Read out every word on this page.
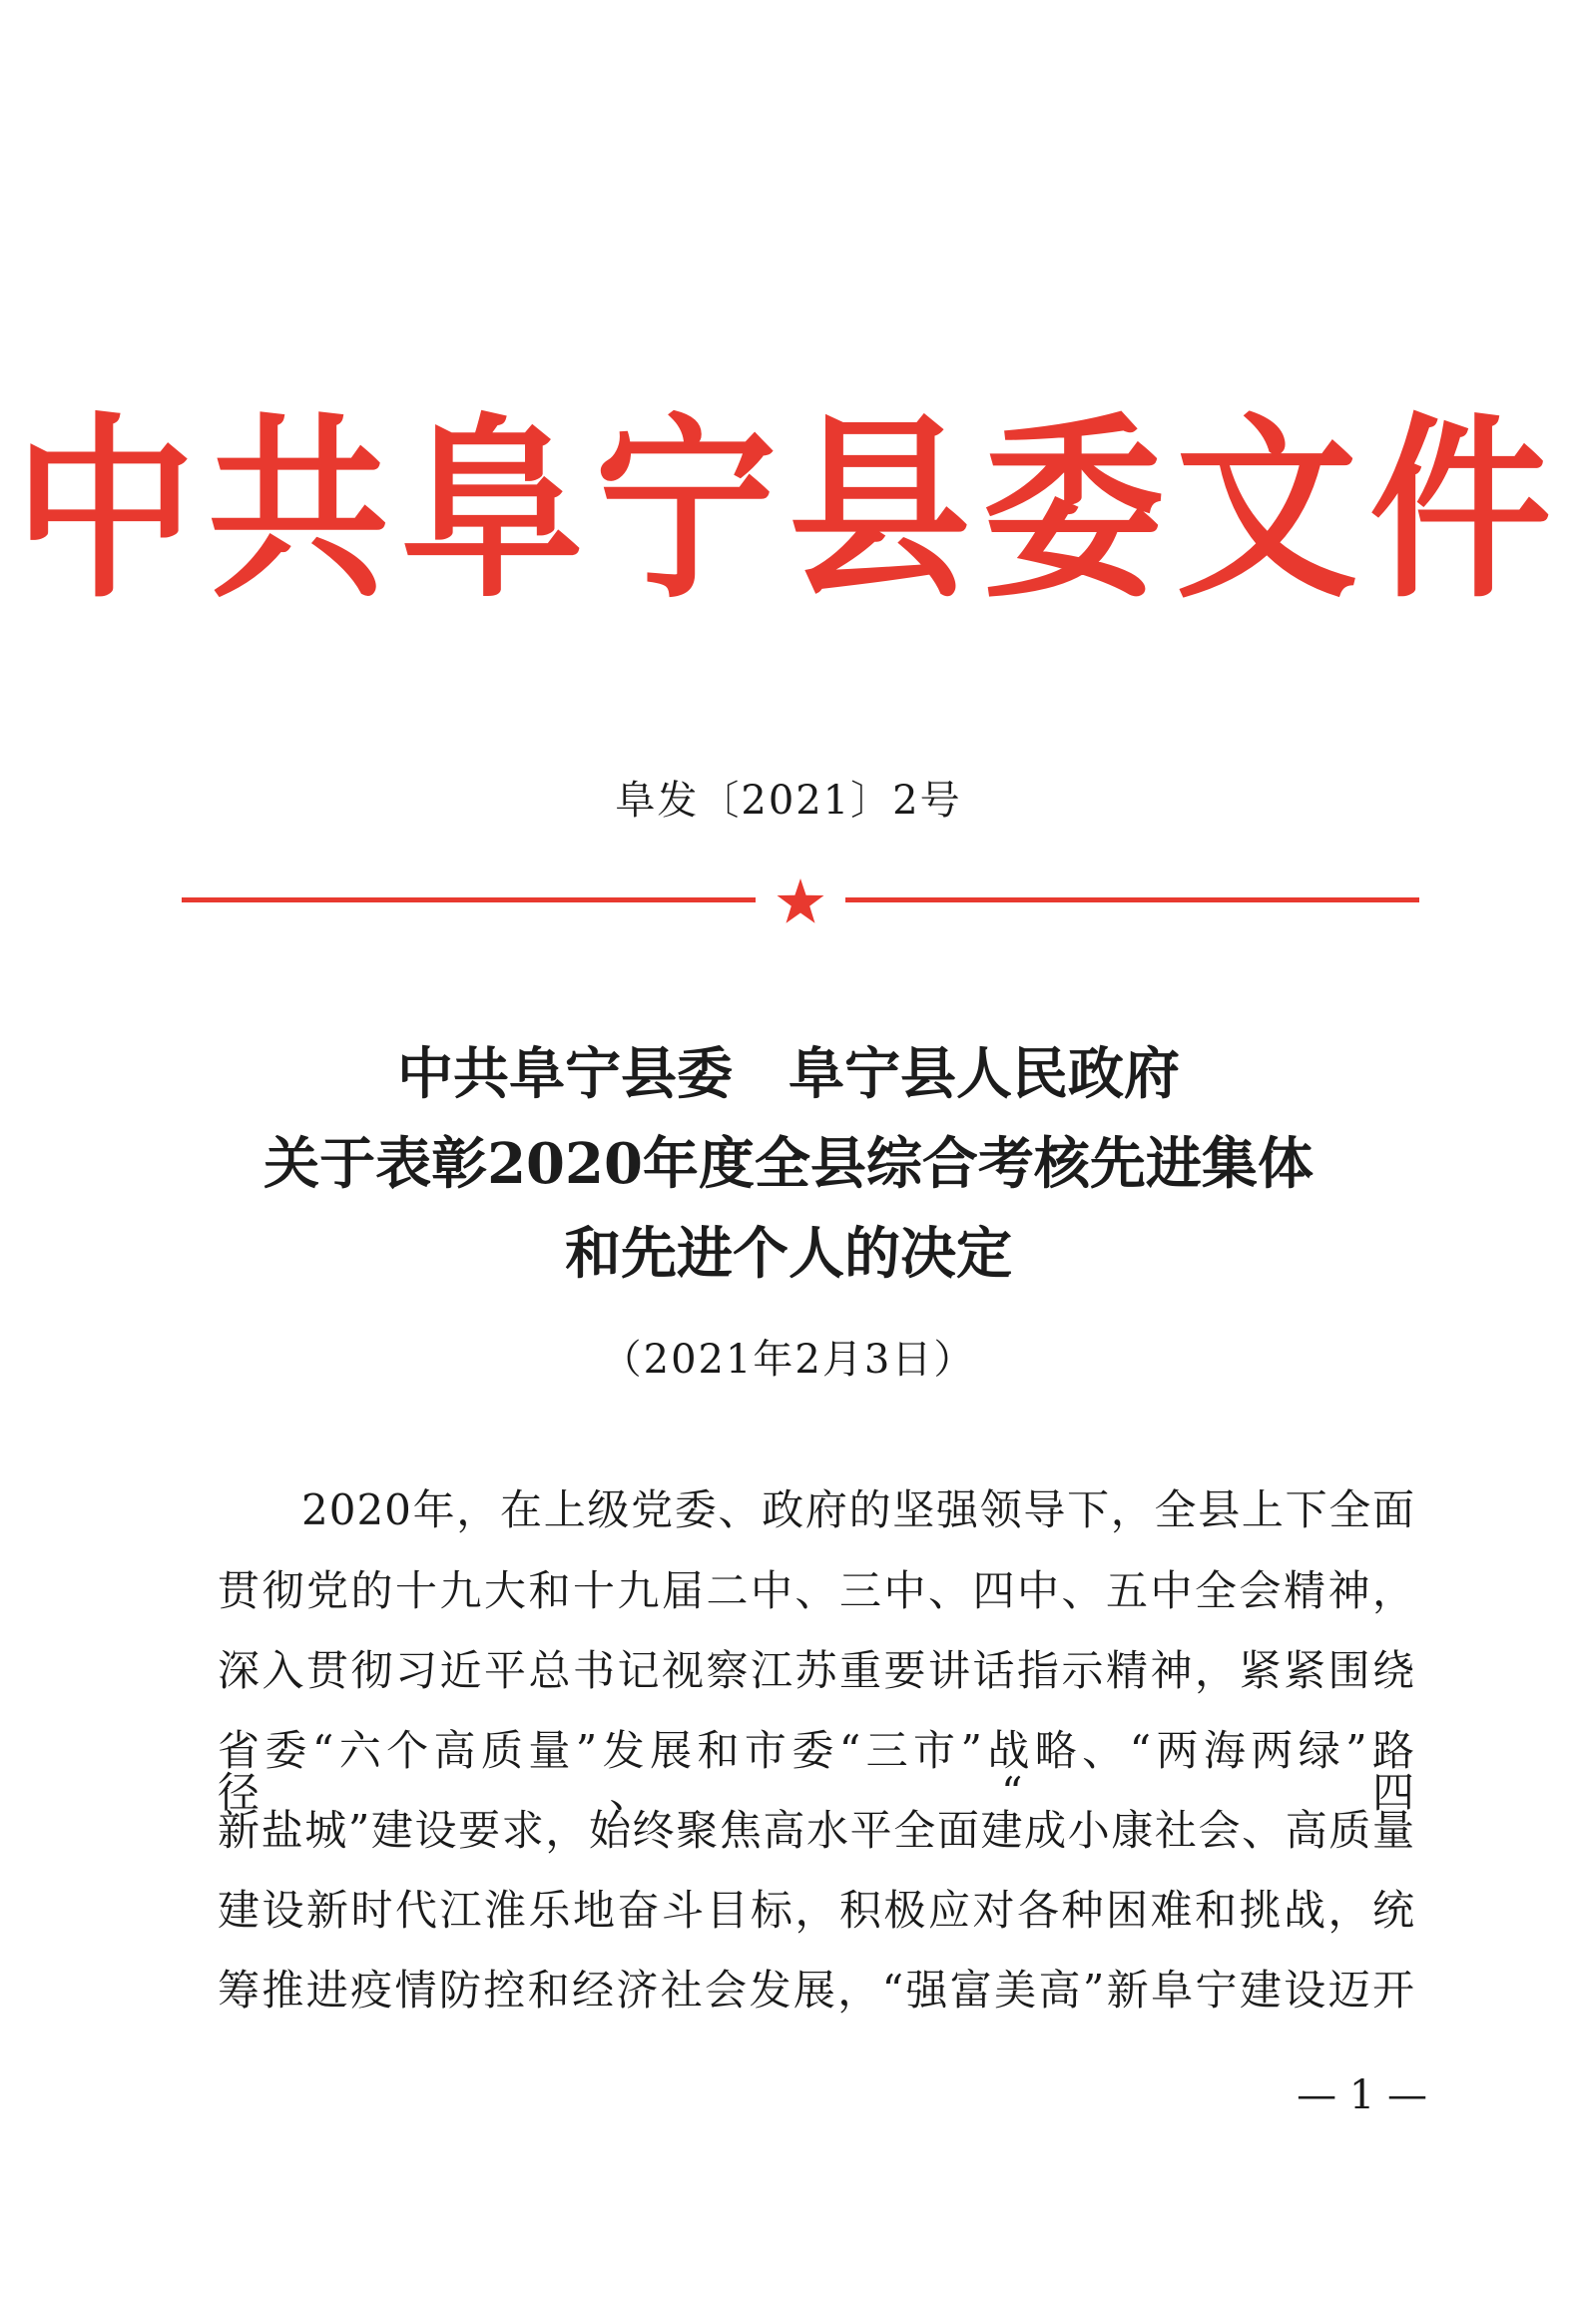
中共阜宁县委文件
阜发〔2021〕2号
中共阜宁县委　阜宁县人民政府
关于表彰2020年度全县综合考核先进集体
和先进个人的决定
（2021年2月3日）
2020年，在上级党委、政府的坚强领导下，全县上下全面
贯彻党的十九大和十九届二中、三中、四中、五中全会精神，
深入贯彻习近平总书记视察江苏重要讲话指示精神，紧紧围绕
省委“六个高质量”发展和市委“三市”战略、“两海两绿”路径、“四
新盐城”建设要求，始终聚焦高水平全面建成小康社会、高质量
建设新时代江淮乐地奋斗目标，积极应对各种困难和挑战，统
筹推进疫情防控和经济社会发展，“强富美高”新阜宁建设迈开
— 1 —
